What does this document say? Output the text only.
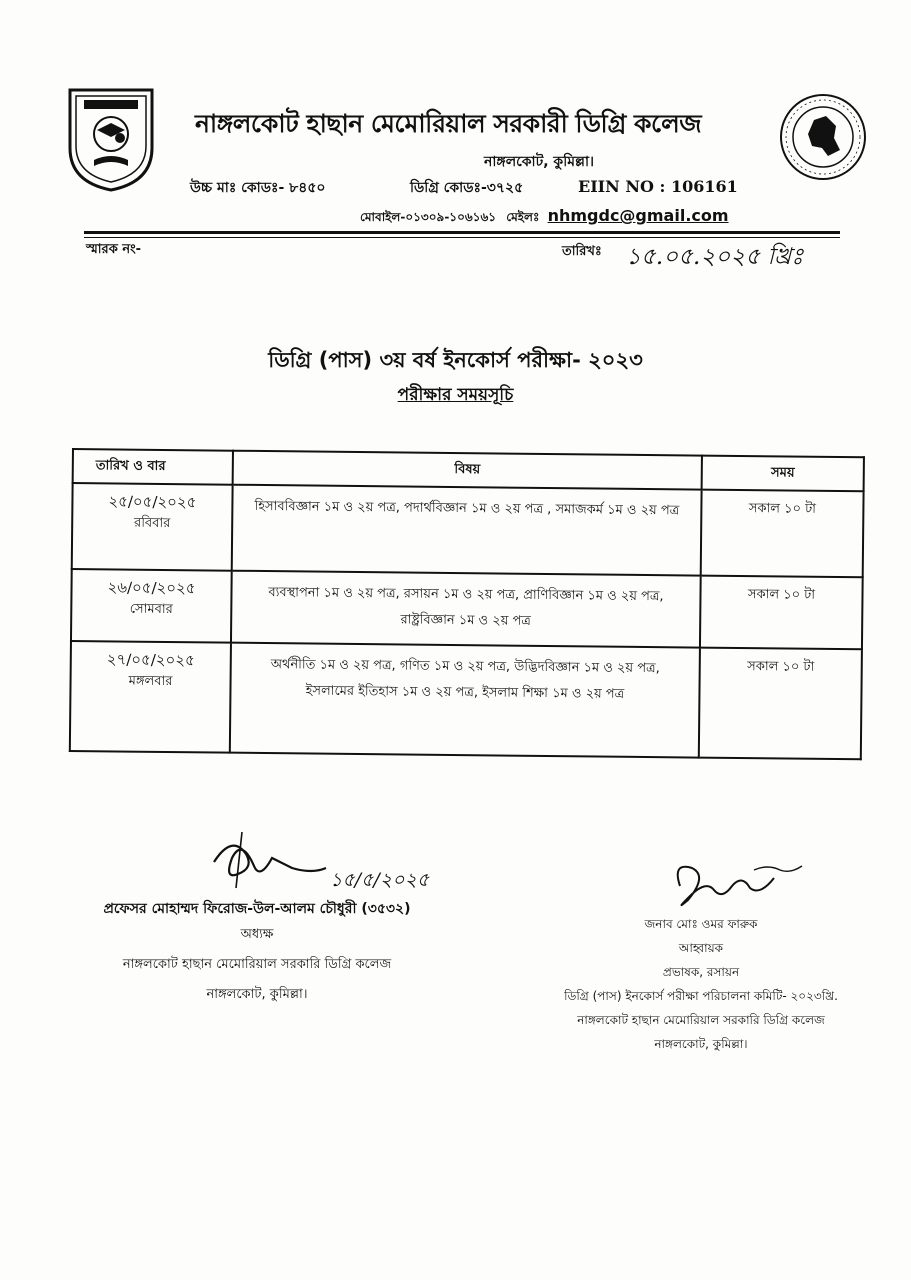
নাঙ্গলকোট হাছান মেমোরিয়াল সরকারী ডিগ্রি কলেজ
নাঙ্গলকোট, কুমিল্লা।
উচ্চ মাঃ কোডঃ- ৮৪৫০	ডিগ্রি কোডঃ-৩৭২৫	EIIN NO : 106161
মোবাইল-০১৩০৯-১০৬১৬১ মেইলঃ nhmgdc@gmail.com
স্মারক নং-	তারিখঃ ১৫.০৫.২০২৫ খ্রিঃ
ডিগ্রি (পাস) ৩য় বর্ষ ইনকোর্স পরীক্ষা- ২০২৩
পরীক্ষার সময়সূচি
তারিখ ও বার	বিষয়	সময়

২৫/০৫/২০২৫
রবিবার	হিসাববিজ্ঞান ১ম ও ২য় পত্র, পদার্থবিজ্ঞান ১ম ও ২য় পত্র , সমাজকর্ম ১ম ও ২য় পত্র	সকাল ১০ টা

২৬/০৫/২০২৫
সোমবার	ব্যবস্থাপনা ১ম ও ২য় পত্র, রসায়ন ১ম ও ২য় পত্র, প্রাণিবিজ্ঞান ১ম ও ২য় পত্র, রাষ্ট্রবিজ্ঞান ১ম ও ২য় পত্র	সকাল ১০ টা

২৭/০৫/২০২৫
মঙ্গলবার	অর্থনীতি ১ম ও ২য় পত্র, গণিত ১ম ও ২য় পত্র, উদ্ভিদবিজ্ঞান ১ম ও ২য় পত্র, ইসলামের ইতিহাস ১ম ও ২য় পত্র, ইসলাম শিক্ষা ১ম ও ২য় পত্র	সকাল ১০ টা
১৫/৫/২০২৫
প্রফেসর মোহাম্মদ ফিরোজ-উল-আলম চৌধুরী (৩৫৩২)
অধ্যক্ষ
নাঙ্গলকোট হাছান মেমোরিয়াল সরকারি ডিগ্রি কলেজ
নাঙ্গলকোট, কুমিল্লা।
জনাব মোঃ ওমর ফারুক
আহ্বায়ক
প্রভাষক, রসায়ন
ডিগ্রি (পাস) ইনকোর্স পরীক্ষা পরিচালনা কমিটি- ২০২৩খ্রি.
নাঙ্গলকোট হাছান মেমোরিয়াল সরকারি ডিগ্রি কলেজ
নাঙ্গলকোট, কুমিল্লা।
